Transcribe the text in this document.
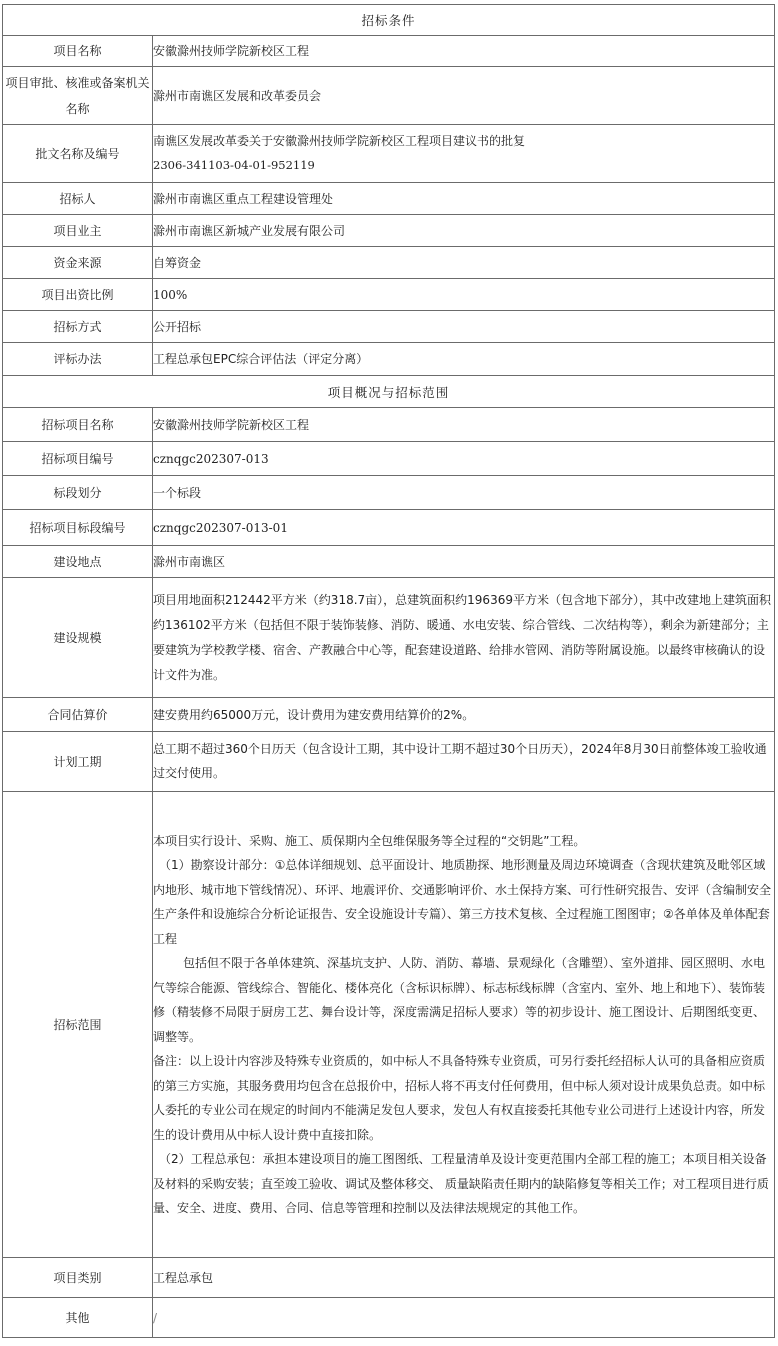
招标条件	
项目名称	安徽滁州技师学院新校区工程
项目审批、核准或备案机关名称	滁州市南谯区发展和改革委员会
批文名称及编号	南谯区发展改革委关于安徽滁州技师学院新校区工程项目建议书的批复
2306-341103-04-01-952119

招标人	滁州市南谯区重点工程建设管理处
项目业主	滁州市南谯区新城产业发展有限公司
资金来源	自筹资金
项目出资比例	100%
招标方式	公开招标
评标办法	工程总承包EPC综合评估法（评定分离）
项目概况与招标范围	
招标项目名称	安徽滁州技师学院新校区工程
招标项目编号	cznqgc202307-013
标段划分	一个标段
招标项目标段编号	cznqgc202307-013-01
建设地点	滁州市南谯区
建设规模	项目用地面积212442平方米（约318.7亩），总建筑面积约196369平方米（包含地下部分），其中改建地上建筑面积约136102平方米（包括但不限于装饰装修、消防、暖通、水电安装、综合管线、二次结构等），剩余为新建部分；主要建筑为学校教学楼、宿舍、产教融合中心等，配套建设道路、给排水管网、消防等附属设施。以最终审核确认的设计文件为准。
合同估算价	建安费用约65000万元，设计费用为建安费用结算价的2%。
计划工期	总工期不超过360个日历天（包含设计工期，其中设计工期不超过30个日历天），2024年8月30日前整体竣工验收通过交付使用。
招标范围	本项目实行设计、采购、施工、质保期内全包维保服务等全过程的“交钥匙”工程。
（1）勘察设计部分：①总体详细规划、总平面设计、地质勘探、地形测量及周边环境调查（含现状建筑及毗邻区域内地形、城市地下管线情况）、环评、地震评价、交通影响评价、水土保持方案、可行性研究报告、安评（含编制安全生产条件和设施综合分析论证报告、安全设施设计专篇）、第三方技术复核、全过程施工图图审；②各单体及单体配套工程
包括但不限于各单体建筑、深基坑支护、人防、消防、幕墙、景观绿化（含雕塑）、室外道排、园区照明、水电气等综合能源、管线综合、智能化、楼体亮化（含标识标牌）、标志标线标牌（含室内、室外、地上和地下）、装饰装修（精装修不局限于厨房工艺、舞台设计等，深度需满足招标人要求）等的初步设计、施工图设计、后期图纸变更、调整等。
备注：以上设计内容涉及特殊专业资质的，如中标人不具备特殊专业资质，可另行委托经招标人认可的具备相应资质的第三方实施，其服务费用均包含在总报价中，招标人将不再支付任何费用，但中标人须对设计成果负总责。如中标人委托的专业公司在规定的时间内不能满足发包人要求，发包人有权直接委托其他专业公司进行上述设计内容，所发生的设计费用从中标人设计费中直接扣除。
（2）工程总承包：承担本建设项目的施工图图纸、工程量清单及设计变更范围内全部工程的施工；本项目相关设备及材料的采购安装；直至竣工验收、调试及整体移交、 质量缺陷责任期内的缺陷修复等相关工作；对工程项目进行质量、安全、进度、费用、合同、信息等管理和控制以及法律法规规定的其他工作。

项目类别	工程总承包
其他	/
